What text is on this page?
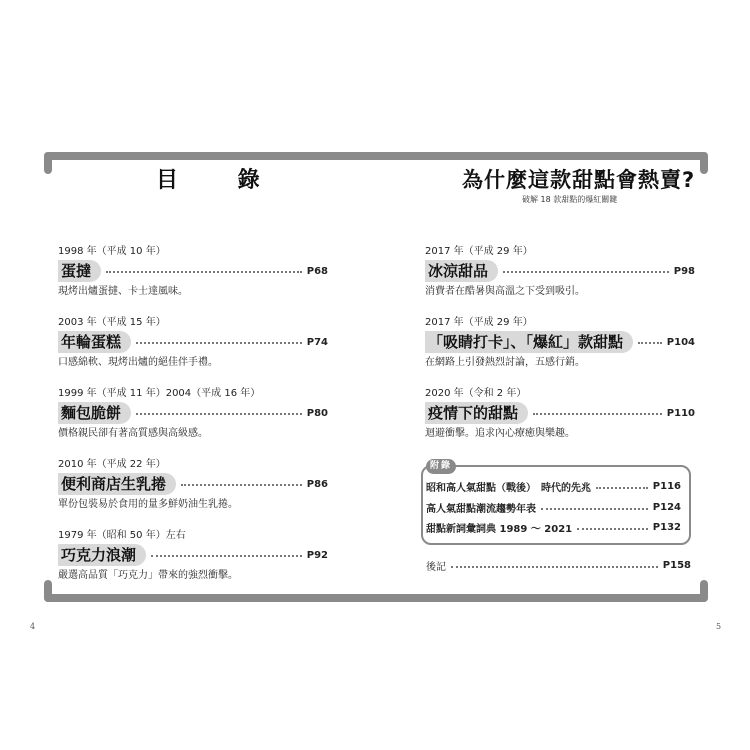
目 錄	為什麼這款甜點會熱賣?
破解 18 款甜點的爆紅關鍵
1998 年（平成 10 年）
蛋撻	P68
現烤出爐蛋撻、卡士達風味。
2003 年（平成 15 年）
年輪蛋糕	P74
口感綿軟、現烤出爐的絕佳伴手禮。
1999 年（平成 11 年）2004（平成 16 年）
麵包脆餅	P80
價格親民卻有著高質感與高級感。
2010 年（平成 22 年）
便利商店生乳捲	P86
單份包裝易於食用的量多鮮奶油生乳捲。
1979 年（昭和 50 年）左右
巧克力浪潮	P92
嚴選高品質「巧克力」帶來的強烈衝擊。
2017 年（平成 29 年）
冰涼甜品	P98
消費者在酷暑與高溫之下受到吸引。
2017 年（平成 29 年）
「吸睛打卡」、「爆紅」款甜點	P104
在網路上引發熱烈討論，五感行銷。
2020 年（令和 2 年）
疫情下的甜點	P110
迴避衝擊。追求內心療癒與樂趣。
附錄
昭和高人氣甜點（戰後）　時代的先兆	P116
高人氣甜點潮流趨勢年表	P124
甜點新詞彙詞典 1989 ～ 2021	P132
後記	P158
4	5
